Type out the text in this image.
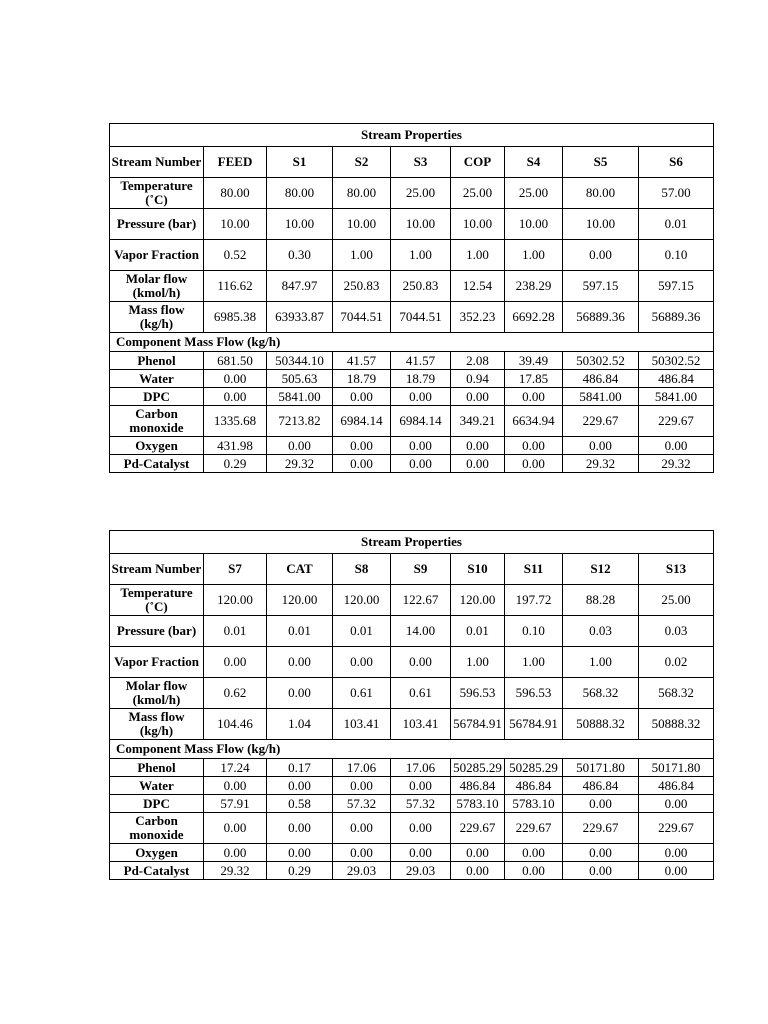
Stream Properties								
Stream Number	FEED	S1	S2	S3	COP	S4	S5	S6
Temperature (˚C)	80.00	80.00	80.00	25.00	25.00	25.00	80.00	57.00
Pressure (bar)	10.00	10.00	10.00	10.00	10.00	10.00	10.00	0.01
Vapor Fraction	0.52	0.30	1.00	1.00	1.00	1.00	0.00	0.10
Molar flow (kmol/h)	116.62	847.97	250.83	250.83	12.54	238.29	597.15	597.15
Mass flow (kg/h)	6985.38	63933.87	7044.51	7044.51	352.23	6692.28	56889.36	56889.36
Component Mass Flow (kg/h)								
Phenol	681.50	50344.10	41.57	41.57	2.08	39.49	50302.52	50302.52
Water	0.00	505.63	18.79	18.79	0.94	17.85	486.84	486.84
DPC	0.00	5841.00	0.00	0.00	0.00	0.00	5841.00	5841.00
Carbon monoxide	1335.68	7213.82	6984.14	6984.14	349.21	6634.94	229.67	229.67
Oxygen	431.98	0.00	0.00	0.00	0.00	0.00	0.00	0.00
Pd-Catalyst	0.29	29.32	0.00	0.00	0.00	0.00	29.32	29.32
Stream Properties								
Stream Number	S7	CAT	S8	S9	S10	S11	S12	S13
Temperature (˚C)	120.00	120.00	120.00	122.67	120.00	197.72	88.28	25.00
Pressure (bar)	0.01	0.01	0.01	14.00	0.01	0.10	0.03	0.03
Vapor Fraction	0.00	0.00	0.00	0.00	1.00	1.00	1.00	0.02
Molar flow (kmol/h)	0.62	0.00	0.61	0.61	596.53	596.53	568.32	568.32
Mass flow (kg/h)	104.46	1.04	103.41	103.41	56784.91	56784.91	50888.32	50888.32
Component Mass Flow (kg/h)								
Phenol	17.24	0.17	17.06	17.06	50285.29	50285.29	50171.80	50171.80
Water	0.00	0.00	0.00	0.00	486.84	486.84	486.84	486.84
DPC	57.91	0.58	57.32	57.32	5783.10	5783.10	0.00	0.00
Carbon monoxide	0.00	0.00	0.00	0.00	229.67	229.67	229.67	229.67
Oxygen	0.00	0.00	0.00	0.00	0.00	0.00	0.00	0.00
Pd-Catalyst	29.32	0.29	29.03	29.03	0.00	0.00	0.00	0.00
